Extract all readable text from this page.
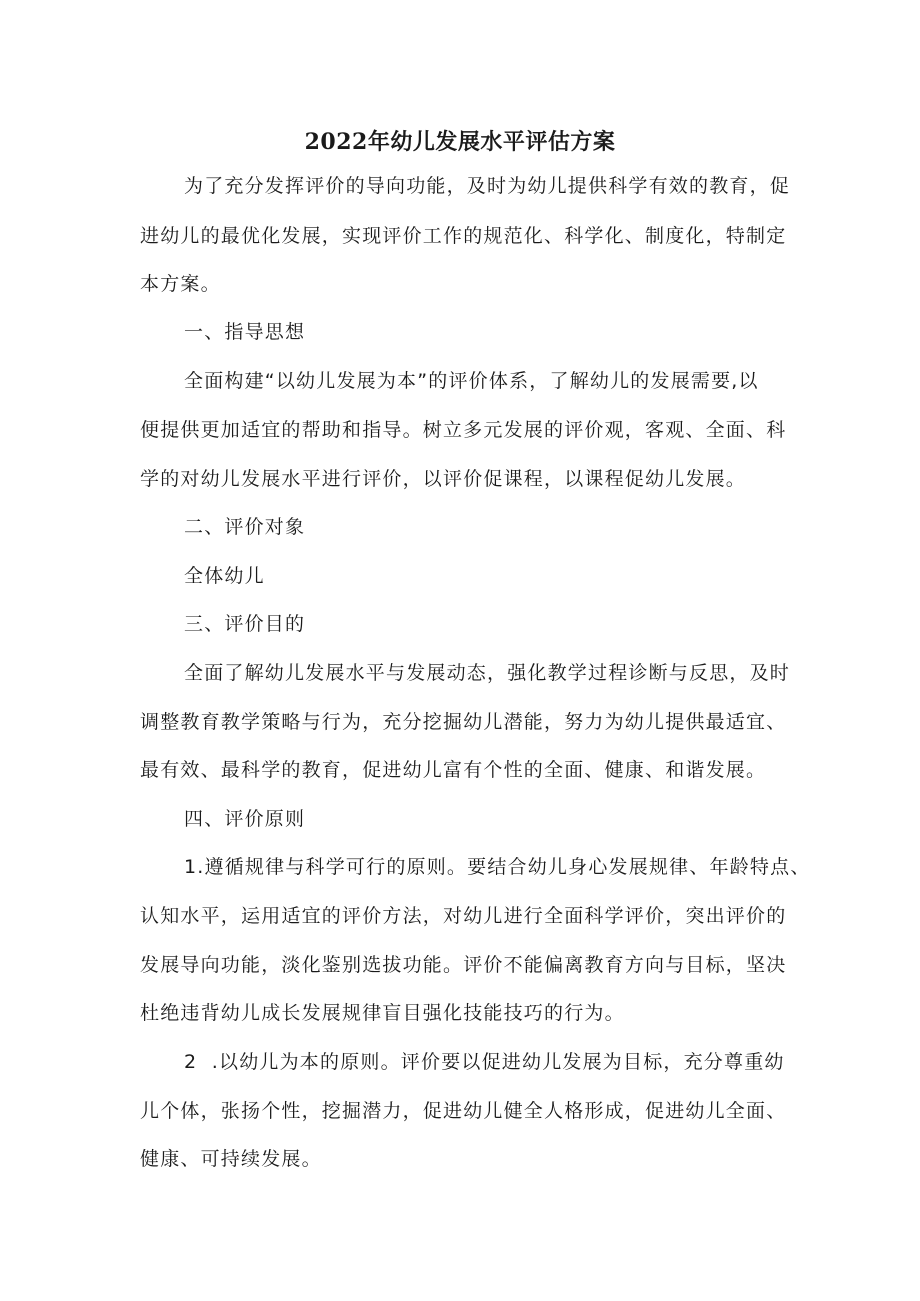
2022年幼儿发展水平评估方案
为了充分发挥评价的导向功能，及时为幼儿提供科学有效的教育，促
进幼儿的最优化发展，实现评价工作的规范化、科学化、制度化，特制定
本方案。
一、指导思想
全面构建“以幼儿发展为本”的评价体系，了解幼儿的发展需要,以
便提供更加适宜的帮助和指导。树立多元发展的评价观，客观、全面、科
学的对幼儿发展水平进行评价，以评价促课程，以课程促幼儿发展。
二、评价对象
全体幼儿
三、评价目的
全面了解幼儿发展水平与发展动态，强化教学过程诊断与反思，及时
调整教育教学策略与行为，充分挖掘幼儿潜能，努力为幼儿提供最适宜、
最有效、最科学的教育，促进幼儿富有个性的全面、健康、和谐发展。
四、评价原则
1.遵循规律与科学可行的原则。要结合幼儿身心发展规律、年龄特点、
认知水平，运用适宜的评价方法，对幼儿进行全面科学评价，突出评价的
发展导向功能，淡化鉴别选拔功能。评价不能偏离教育方向与目标，坚决
杜绝违背幼儿成长发展规律盲目强化技能技巧的行为。
2  .以幼儿为本的原则。评价要以促进幼儿发展为目标，充分尊重幼
儿个体，张扬个性，挖掘潜力，促进幼儿健全人格形成，促进幼儿全面、
健康、可持续发展。
